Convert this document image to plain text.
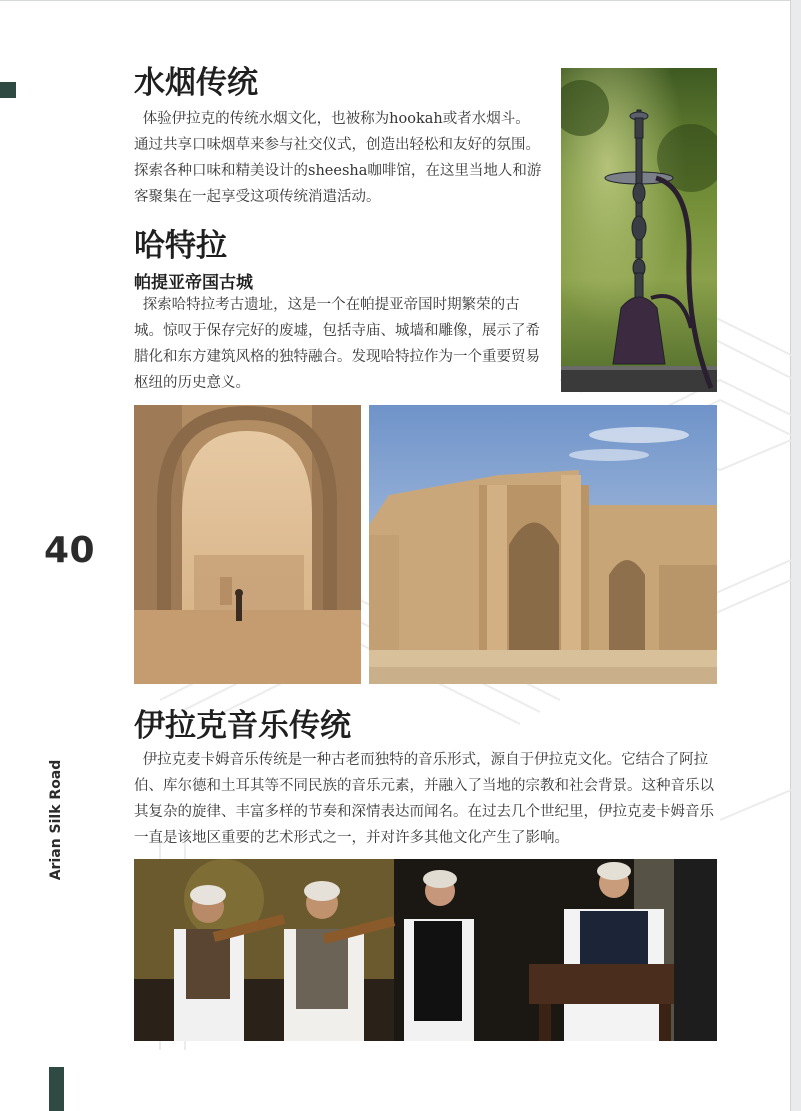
40
Arian Silk Road
水烟传统

体验伊拉克的传统水烟文化，也被称为hookah或者水烟斗。通过共享口味烟草来参与社交仪式，创造出轻松和友好的氛围。探索各种口味和精美设计的sheesha咖啡馆，在这里当地人和游客聚集在一起享受这项传统消遣活动。

哈特拉
帕提亚帝国古城

探索哈特拉考古遗址，这是一个在帕提亚帝国时期繁荣的古城。惊叹于保存完好的废墟，包括寺庙、城墙和雕像，展示了希腊化和东方建筑风格的独特融合。发现哈特拉作为一个重要贸易枢纽的历史意义。

伊拉克音乐传统

伊拉克麦卡姆音乐传统是一种古老而独特的音乐形式，源自于伊拉克文化。它结合了阿拉伯、库尔德和土耳其等不同民族的音乐元素，并融入了当地的宗教和社会背景。这种音乐以其复杂的旋律、丰富多样的节奏和深情表达而闻名。在过去几个世纪里，伊拉克麦卡姆音乐一直是该地区重要的艺术形式之一，并对许多其他文化产生了影响。
